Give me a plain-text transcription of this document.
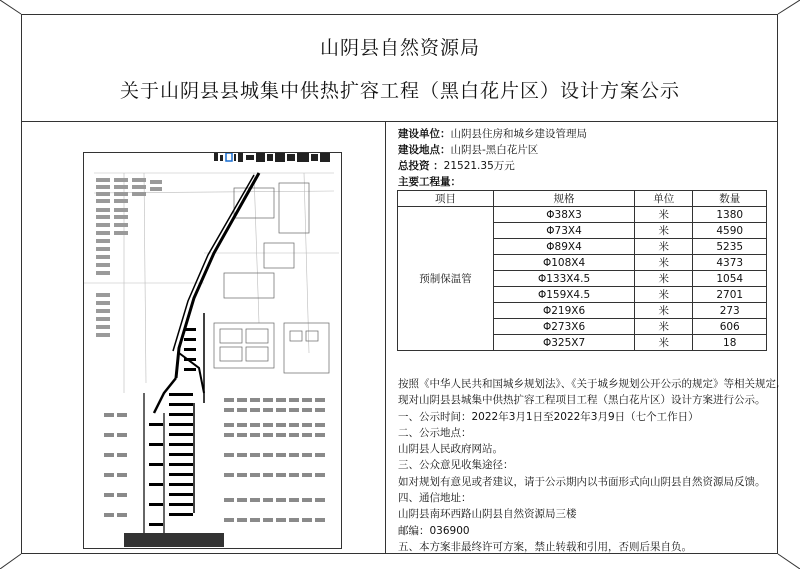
山阴县自然资源局
关于山阴县县城集中供热扩容工程（黑白花片区）设计方案公示
建设单位：山阴县住房和城乡建设管理局
建设地点：山阴县-黑白花片区
总投资 ：21521.35万元
主要工程量：
项目	规格	单位	数量
预制保温管	Φ38X3	米	1380
	Φ73X4	米	4590
	Φ89X4	米	5235
	Φ108X4	米	4373
	Φ133X4.5	米	1054
	Φ159X4.5	米	2701
	Φ219X6	米	273
	Φ273X6	米	606
	Φ325X7	米	18
按照《中华人民共和国城乡规划法》、《关于城乡规划公开公示的规定》等相关规定,
现对山阴县县城集中供热扩容工程项目工程（黑白花片区）设计方案进行公示。
一、公示时间：2022年3月1日至2022年3月9日（七个工作日）
二、公示地点：
山阴县人民政府网站。
三、公众意见收集途径：
如对规划有意见或者建议，请于公示期内以书面形式向山阴县自然资源局反馈。
四、通信地址：
山阴县南环西路山阴县自然资源局三楼
邮编：036900
五、本方案非最终许可方案，禁止转载和引用，否则后果自负。
